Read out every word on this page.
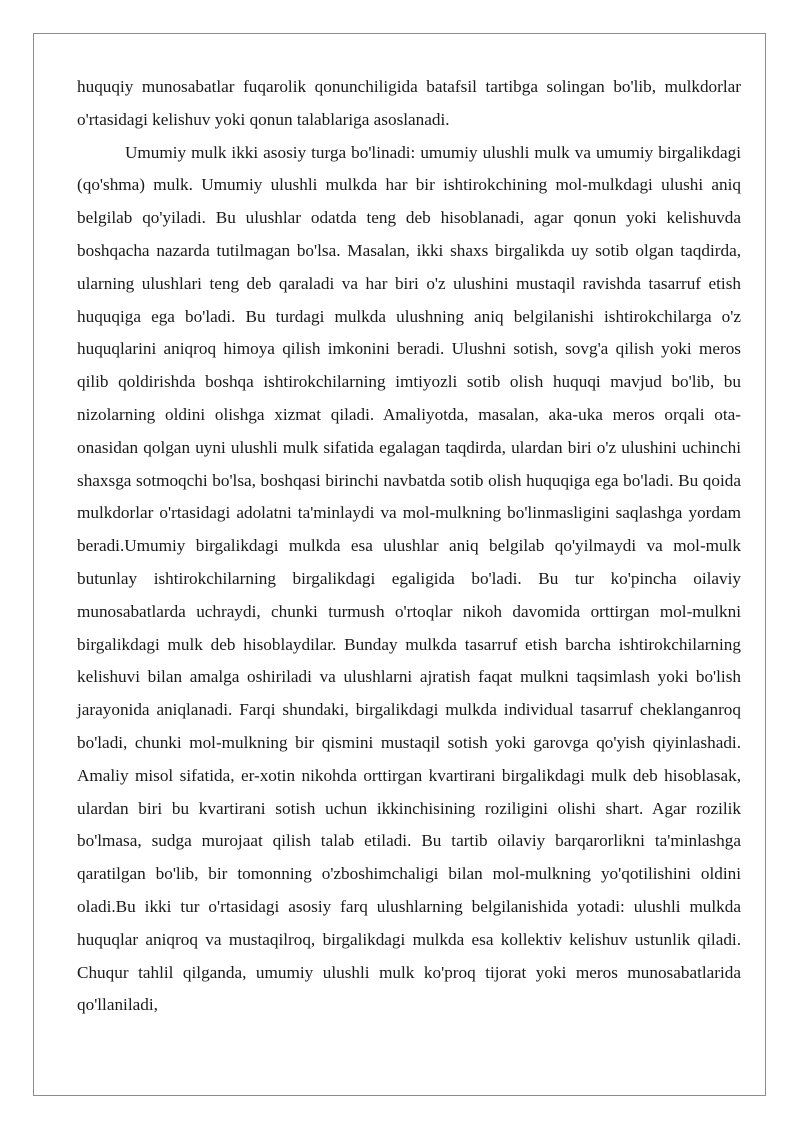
huquqiy munosabatlar fuqarolik qonunchiligida batafsil tartibga solingan bo'lib, mulkdorlar o'rtasidagi kelishuv yoki qonun talablariga asoslanadi.

Umumiy mulk ikki asosiy turga bo'linadi: umumiy ulushli mulk va umumiy birgalikdagi (qo'shma) mulk. Umumiy ulushli mulkda har bir ishtirokchining mol-mulkdagi ulushi aniq belgilab qo'yiladi. Bu ulushlar odatda teng deb hisoblanadi, agar qonun yoki kelishuvda boshqacha nazarda tutilmagan bo'lsa. Masalan, ikki shaxs birgalikda uy sotib olgan taqdirda, ularning ulushlari teng deb qaraladi va har biri o'z ulushini mustaqil ravishda tasarruf etish huquqiga ega bo'ladi. Bu turdagi mulkda ulushning aniq belgilanishi ishtirokchilarga o'z huquqlarini aniqroq himoya qilish imkonini beradi. Ulushni sotish, sovg'a qilish yoki meros qilib qoldirishda boshqa ishtirokchilarning imtiyozli sotib olish huquqi mavjud bo'lib, bu nizolarning oldini olishga xizmat qiladi. Amaliyotda, masalan, aka-uka meros orqali ota-onasidan qolgan uyni ulushli mulk sifatida egalagan taqdirda, ulardan biri o'z ulushini uchinchi shaxsga sotmoqchi bo'lsa, boshqasi birinchi navbatda sotib olish huquqiga ega bo'ladi. Bu qoida mulkdorlar o'rtasidagi adolatni ta'minlaydi va mol-mulkning bo'linmasligini saqlashga yordam beradi.Umumiy birgalikdagi mulkda esa ulushlar aniq belgilab qo'yilmaydi va mol-mulk butunlay ishtirokchilarning birgalikdagi egaligida bo'ladi. Bu tur ko'pincha oilaviy munosabatlarda uchraydi, chunki turmush o'rtoqlar nikoh davomida orttirgan mol-mulkni birgalikdagi mulk deb hisoblaydilar. Bunday mulkda tasarruf etish barcha ishtirokchilarning kelishuvi bilan amalga oshiriladi va ulushlarni ajratish faqat mulkni taqsimlash yoki bo'lish jarayonida aniqlanadi. Farqi shundaki, birgalikdagi mulkda individual tasarruf cheklanganroq bo'ladi, chunki mol-mulkning bir qismini mustaqil sotish yoki garovga qo'yish qiyinlashadi. Amaliy misol sifatida, er-xotin nikohda orttirgan kvartirani birgalikdagi mulk deb hisoblasak, ulardan biri bu kvartirani sotish uchun ikkinchisining roziligini olishi shart. Agar rozilik bo'lmasa, sudga murojaat qilish talab etiladi. Bu tartib oilaviy barqarorlikni ta'minlashga qaratilgan bo'lib, bir tomonning o'zboshimchaligi bilan mol-mulkning yo'qotilishini oldini oladi.Bu ikki tur o'rtasidagi asosiy farq ulushlarning belgilanishida yotadi: ulushli mulkda huquqlar aniqroq va mustaqilroq, birgalikdagi mulkda esa kollektiv kelishuv ustunlik qiladi. Chuqur tahlil qilganda, umumiy ulushli mulk ko'proq tijorat yoki meros munosabatlarida qo'llaniladi,
